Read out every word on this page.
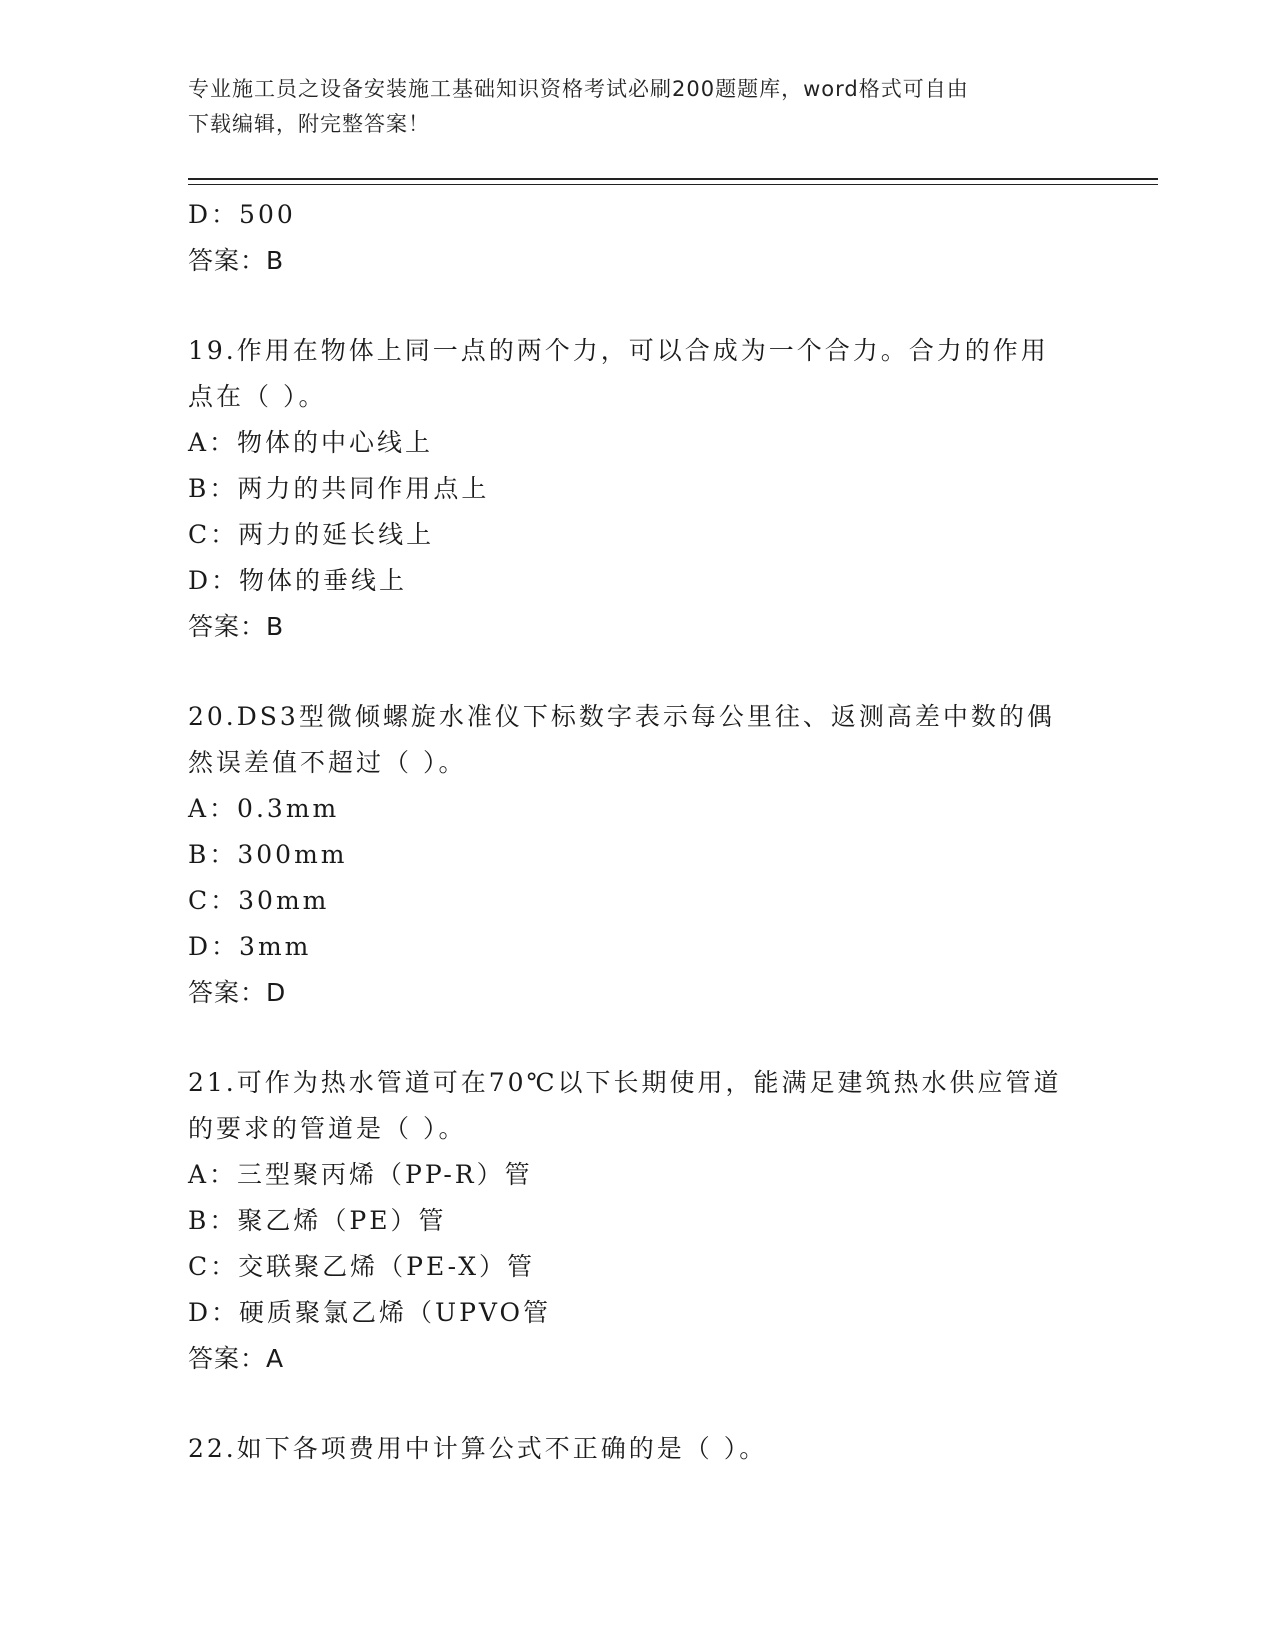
专业施工员之设备安装施工基础知识资格考试必刷200题题库，word格式可自由
下载编辑，附完整答案！
D：500
答案：B
19.作用在物体上同一点的两个力，可以合成为一个合力。合力的作用
点在（ ）。
A：物体的中心线上
B：两力的共同作用点上
C：两力的延长线上
D：物体的垂线上
答案：B
20.DS3型微倾螺旋水准仪下标数字表示每公里往、返测高差中数的偶
然误差值不超过（ ）。
A：0.3mm
B：300mm
C：30mm
D：3mm
答案：D
21.可作为热水管道可在70℃以下长期使用，能满足建筑热水供应管道
的要求的管道是（ ）。
A：三型聚丙烯（PP-R）管
B：聚乙烯（PE）管
C：交联聚乙烯（PE-X）管
D：硬质聚氯乙烯（UPVO管
答案：A
22.如下各项费用中计算公式不正确的是（ ）。
